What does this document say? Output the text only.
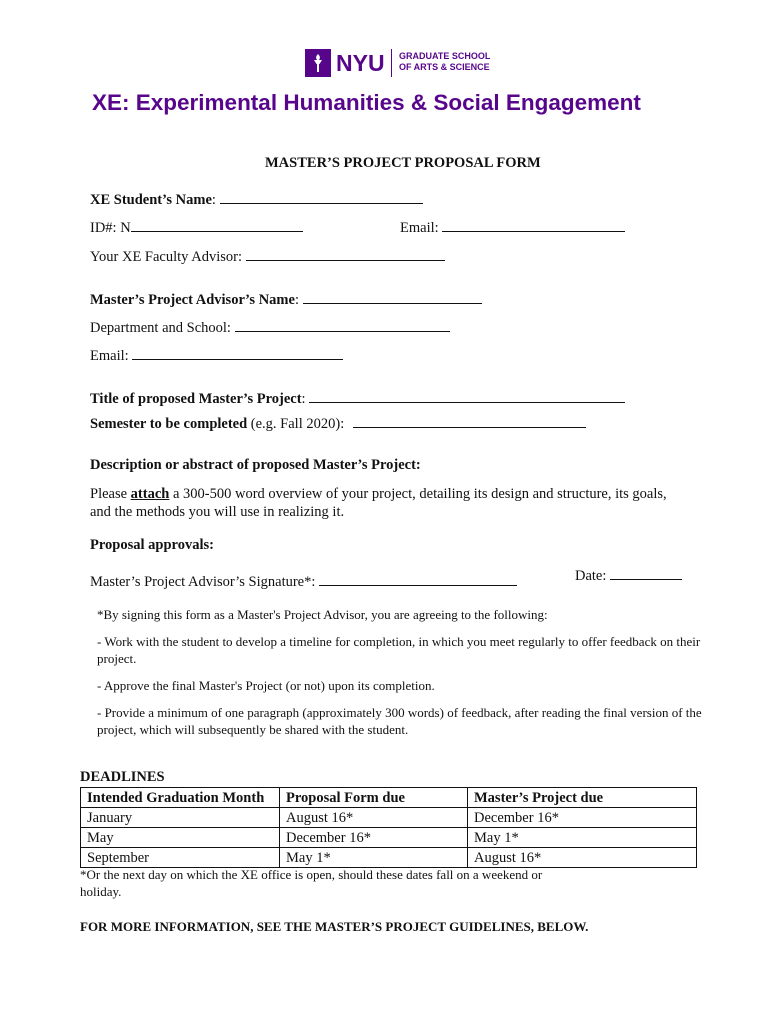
NYU GRADUATE SCHOOL
OF ARTS & SCIENCE
XE: Experimental Humanities & Social Engagement
MASTER’S PROJECT PROPOSAL FORM
XE Student’s Name:
ID#: N	Email:
Your XE Faculty Advisor:
Master’s Project Advisor’s Name:
Department and School:
Email:
Title of proposed Master’s Project:
Semester to be completed (e.g. Fall 2020):
Description or abstract of proposed Master’s Project:
Please attach a 300-500 word overview of your project, detailing its design and structure, its goals, and the methods you will use in realizing it.
Proposal approvals:
Master’s Project Advisor’s Signature*:	Date:
*By signing this form as a Master's Project Advisor, you are agreeing to the following:
- Work with the student to develop a timeline for completion, in which you meet regularly to offer feedback on their project.
- Approve the final Master's Project (or not) upon its completion.
- Provide a minimum of one paragraph (approximately 300 words) of feedback, after reading the final version of the project, which will subsequently be shared with the student.
DEADLINES
Intended Graduation Month	Proposal Form due	Master’s Project due
January	August 16*	December 16*
May	December 16*	May 1*
September	May 1*	August 16*
*Or the next day on which the XE office is open, should these dates fall on a weekend or holiday.
FOR MORE INFORMATION, SEE THE MASTER’S PROJECT GUIDELINES, BELOW.
